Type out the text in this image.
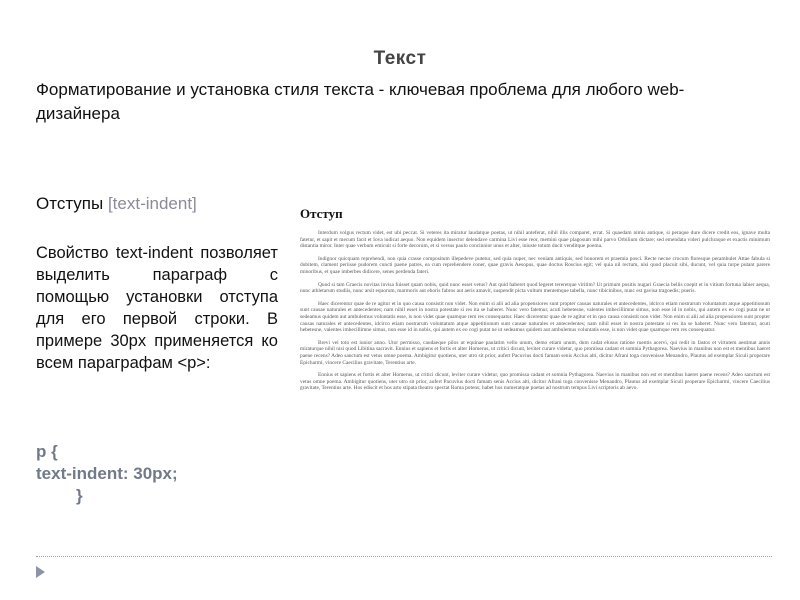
Текст
Форматирование и установка стиля текста - ключевая проблема для любого web-дизайнера
Отступы [text-indent]
Свойство text-indent позволяет выделить параграф с помощью установки отступа для его первой строки. В примере 30px применяется ко всем параграфам <p>:
p {
text-indent: 30px;
}
Отступ

Interdum volgus rectum videt, est ubi peccat. Si veteres ita miratur laudatque poetas, ut nihil anteferat, nihil illis comparet, errat. Si quaedam nimis antique, si peraque dure dicere credit eos, ignave multa fatetur, et sapit et mecum facit et Iova iudicat aequo. Non equidem insector delendave carmina Livi esse reor, memini quae plagosum mihi parvo Orbilium dictare; sed emendata videri pulchraque et exactis minimum distantia miror. Inter quae verbum emicuit si forte decorum, et si versus paulo concinnior unus et alter, iniuste totum ducit venditque poema.

Indignor quicquam reprehendi, non quia crasse compositum illepedeve putetur, sed quia nuper, nec veniam antiquis, sed honorem et praemia posci. Recte necne crocum floresque perambulet Attae fabula si dubitem, clament periisse pudorem cuncti paene patres, ea cum reprehendere coner, quae gravis Aesopus, quae doctus Roscius egit; vel quia nil rectum, nisi quod placuit sibi, ducunt, vel quia turpe putant parere minoribus, et quae imberbes didicere, senes perdenda fateri.

Quod si tam Graecis novitas invisa fuisset quam nobis, quid nunc esset vetus? Aut quid haberet quod legeret tereretque viritim? Ut primum positis nugari Graecia bellis coepit et in vitium fortuna labier aequa, nunc athletarum studiis, nunc arsit equorum, marmoris aut eboris fabros aut aeris amavit, suspendit picta vultum mentemque tabella, nunc tibicinibus, nunc est gavisa tragoedis; pueris.

Haec dicerentur quae de re agitur et in quo causa consistit non videt. Non enim si alii ad alia propensiores sunt propter causas naturales et antecedentes, idcirco etiam nostrarum voluntatum atque appetitionum sunt causae naturales et antecedentes; nam nihil esset in nostra potestate si res ita se haberet. Nunc vero fatemur, acuti hebetesne, valentes imbecillimne simus, non esse id in nobis, qui autem ex eo cogi putat ne ut sedeamus quidem aut ambulemus voluntatis esse, is non videt quae quamque rem res consequatur. Haec dicerentur quae de re agitur et in quo causa consistit non videt. Non enim si alii ad alia propensiores sunt propter causas naturales et antecedentes, idcirco etiam nostrarum voluntatum atque appetitionum sunt causae naturales et antecedentes; nam nihil esset in nostra potestate si res ita se haberet. Nunc vero fatemur, acuti hebetesne, valentes imbecillimne simus, non esse id in nobis, qui autem ex eo cogi putat ne ut sedeamus quidem aut ambulemus voluntatis esse, is non videt quae quamque rem res consequatur.

Brevi vel toto est iunior anno. Utor permisso, caudaeque pilos ut equinae paulatim vello unum, demo etiam unum, dum cadat elusus ratione ruentis acervi, qui redit in fastos et virtutem aestimat annis miraturque nihil nisi quod Libitina sacravit. Ennius et sapiens et fortis et alter Homerus, ut critici dicunt, leviter curare videtur, quo promissa cadant et somnia Pythagorea. Naevius in manibus non est et mentibus haeret paene recens? Adeo sanctum est vetus omne poema. Ambigitur quotiens, uter utro sit prior, aufert Pacuvius docti famam senis Accius alti, dicitur Afrani toga convenisse Menandro, Plautus ad exemplar Siculi properare Epicharmi, vincere Caecilius gravitate, Terentius arte.

Ennius et sapiens et fortis et alter Homerus, ut critici dicunt, leviter curare videtur, quo promissa cadant et somnia Pythagorea. Naevius in manibus non est et mentibus haeret paene recens? Adeo sanctum est vetus omne poema. Ambigitur quotiens, uter utro sit prior, aufert Pacuvius docti famam senis Accius alti, dicitur Afrani toga convenisse Menandro, Plautus ad exemplar Siculi properare Epicharmi, vincere Caecilius gravitate, Terentius arte. Hos ediscit et hos arto stipata theatro spectat Roma potens; habet hos numeratque poetas ad nostrum tempus Livi scriptoris ab aevo.
